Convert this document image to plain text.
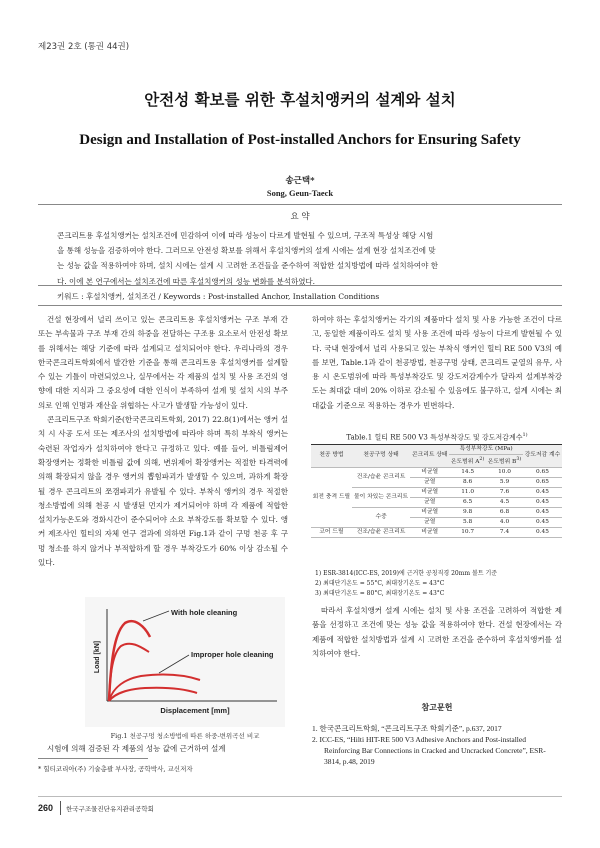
제23권 2호 (통권 44권)
안전성 확보를 위한 후설치앵커의 설계와 설치
Design and Installation of Post-installed Anchors for Ensuring Safety
송근택*
Song, Geun-Taeck
요 약
콘크리트용 후설치앵커는 설치조건에 민감하여 이에 따라 성능이 다르게 발현될 수 있으며, 구조적 특성상 해당 시험
을 통해 성능을 검증하여야 한다. 그러므로 안전성 확보를 위해서 후설치앵커의 설계 시에는 설계 현장 설치조건에 맞
는 성능 값을 적용하여야 하며, 설치 시에는 설계 시 고려한 조건들을 준수하여 적합한 설치방법에 따라 설치하여야 한
다. 이에 본 연구에서는 설치조건에 따른 후설치앵커의 성능 변화를 분석하였다.
키워드 : 후설치앵커, 설치조건 / Keywords : Post-installed Anchor, Installation Conditions

건설 현장에서 널리 쓰이고 있는 콘크리트용 후설치앵커는 구조 부재 간 또는 부속물과 구조 부재 간의 하중을 전달하는 구조용 요소로서 안전성 확보를 위해서는 해당 기준에 따라 설계되고 설치되어야 한다. 우리나라의 경우 한국콘크리트학회에서 발간한 기준을 통해 콘크리트용 후설치앵커를 설계할 수 있는 기틀이 마련되었으나, 실무에서는 각 제품의 설치 및 사용 조건의 영향에 대한 지식과 그 중요성에 대한 인식이 부족하여 설계 및 설치 시의 부주의로 인해 인명과 재산을 위협하는 사고가 발생할 가능성이 있다.

콘크리트구조 학회기준(한국콘크리트학회, 2017) 22.8(1)에서는 앵커 설치 시 사공 도서 또는 제조사의 설치방법에 따라야 하며 특히 부착식 앵커는 숙련된 작업자가 설치하여야 한다고 규정하고 있다. 예를 들어, 비틀림제어 확장앵커는 정확한 비틀림 값에 의해, 변위제어 확장앵커는 적절한 타격력에 의해 확장되지 않을 경우 앵커의 뽑힘파괴가 발생할 수 있으며, 과하게 확장될 경우 콘크리트의 쪼갬파괴가 유발될 수 있다. 부착식 앵커의 경우 적절한 청소방법에 의해 천공 시 발생된 먼지가 제거되어야 하며 각 제품에 적합한 설치가능온도와 경화시간이 준수되어야 소요 부착강도를 확보할 수 있다. 앵커 제조사인 힐티의 자체 연구 결과에 의하면 Fig.1과 같이 구멍 천공 후 구멍 청소를 하지 않거나 부적합하게 할 경우 부착강도가 60% 이상 감소될 수 있다.

With hole cleaning
Improper hole cleaning
Displacement [mm]
Load [kN]
Fig.1 천공구멍 청소방법에 따른 하중-변위곡선 비교

시험에 의해 검증된 각 제품의 성능 값에 근거하여 설계

* 힐티코리아(주) 기술총괄 부사장, 공학박사, 교신저자

하여야 하는 후설치앵커는 각기의 제품마다 설치 및 사용 가능한 조건이 다르고, 동일한 제품이라도 설치 및 사용 조건에 따라 성능이 다르게 발현될 수 있다. 국내 현장에서 널리 사용되고 있는 부착식 앵커인 힐티 RE 500 V3의 예를 보면, Table.1과 같이 천공방법, 천공구멍 상태, 콘크리트 균열의 유무, 사용 시 온도범위에 따라 특성부착강도 및 강도저감계수가 달라져 설계부착강도는 최대값 대비 20% 이하로 감소될 수 있음에도 불구하고, 설계 시에는 최대값을 기준으로 적용하는 경우가 빈번하다.

Table.1 힐티 RE 500 V3 특성부착강도 및 강도저감계수$^{1)}$
천공 방법	천공구멍 상태	콘크리트 상태	특성부착강도 (MPa)		강도저감 계수
			온도범위 $A^{2)}$	온도범위 $B^{3)}$
회전 충격 드릴	건조/습윤 콘크리트	비균열	14.5	10.0	0.65
		균열	8.6	5.9	0.65
	물이 차있는 콘크리트	비균열	11.0	7.6	0.45
		균열	6.5	4.5	0.45
	수중	비균열	9.8	6.8	0.45
		균열	5.8	4.0	0.45
코어 드릴	건조/습윤 콘크리트	비균열	10.7	7.4	0.45
1) ESR-3814(ICC-ES, 2019)에 근거한 공칭직경 20mm 볼트 기준
2) 최대단기온도 = 55°C, 최대장기온도 = 43°C
3) 최대단기온도 = 80°C, 최대장기온도 = 43°C

따라서 후설치앵커 설계 시에는 설치 및 사용 조건을 고려하여 적합한 제품을 선정하고 조건에 맞는 성능 값을 적용하여야 한다. 건설 현장에서는 각 제품에 적합한 설치방법과 설계 시 고려한 조건을 준수하여 후설치앵커를 설치하여야 한다.

참고문헌
1. 한국콘크리트학회, “콘크리트구조 학회기준”, p.637, 2017
2. ICC-ES, “Hilti HIT-RE 500 V3 Adhesive Anchors and Post-installed Reinforcing Bar Connections in Cracked and Uncracked Concrete”, ESR-3814, p.48, 2019
260 한국구조물진단유지관리공학회
